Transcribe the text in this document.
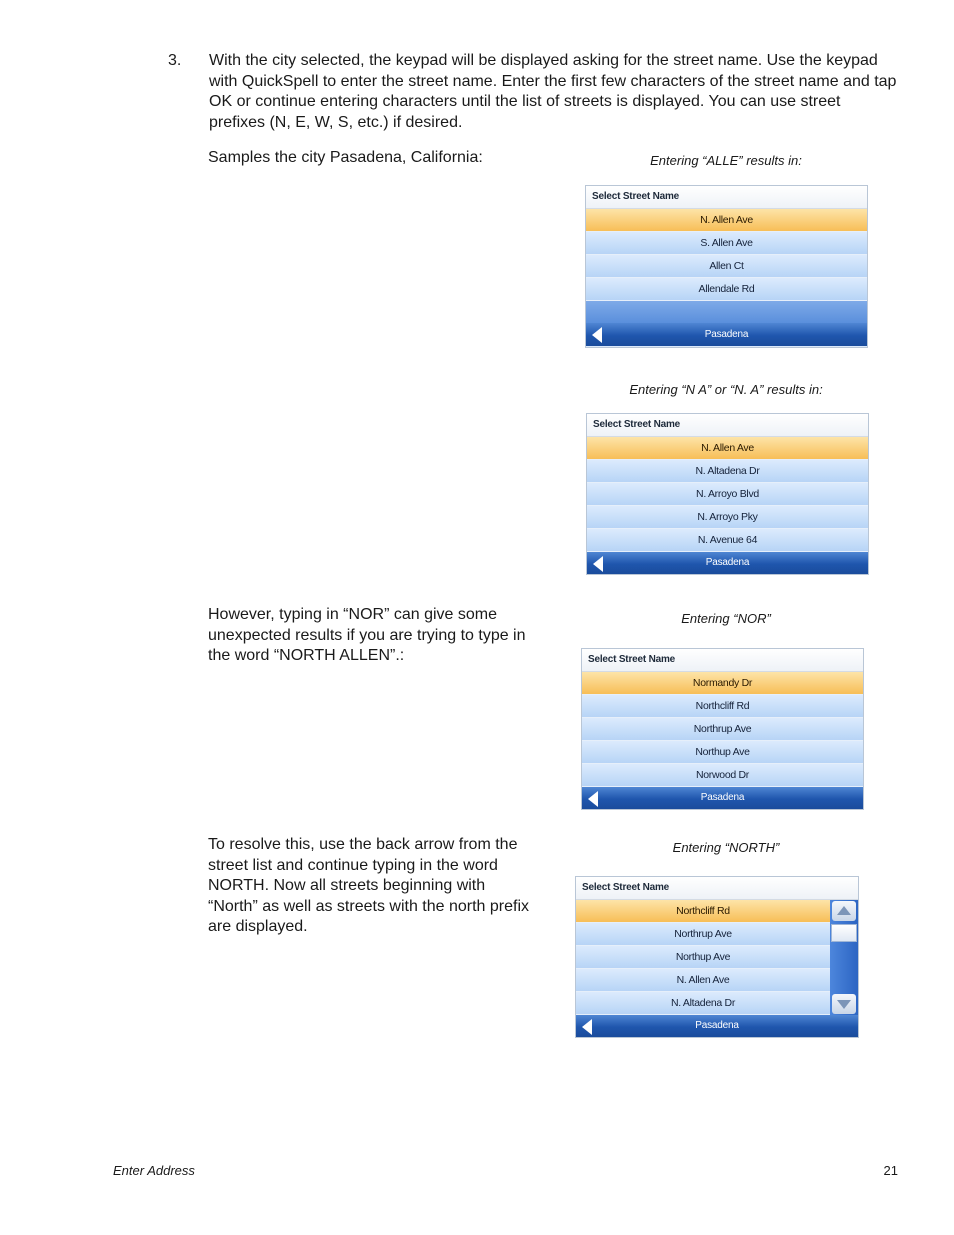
3. With the city selected, the keypad will be displayed asking for the street name. Use the keypad with QuickSpell to enter the street name. Enter the first few characters of the street name and tap OK or continue entering characters until the list of streets is displayed. You can use street prefixes (N, E, W, S, etc.) if desired.
Samples the city Pasadena, California:	Entering “ALLE” results in:
Select Street Name
N. Allen Ave
S. Allen Ave
Allen Ct
Allendale Rd
Pasadena
Entering “N A” or “N. A” results in:
Select Street Name
N. Allen Ave
N. Altadena Dr
N. Arroyo Blvd
N. Arroyo Pky
N. Avenue 64
Pasadena
However, typing in “NOR” can give some unexpected results if you are trying to type in the word “NORTH ALLEN”.:
Entering “NOR”
Select Street Name
Normandy Dr
Northcliff Rd
Northrup Ave
Northup Ave
Norwood Dr
Pasadena
To resolve this, use the back arrow from the street list and continue typing in the word NORTH. Now all streets beginning with “North” as well as streets with the north prefix are displayed.
Entering “NORTH”
Select Street Name
Northcliff Rd
Northrup Ave
Northup Ave
N. Allen Ave
N. Altadena Dr
Pasadena
Enter Address	21
